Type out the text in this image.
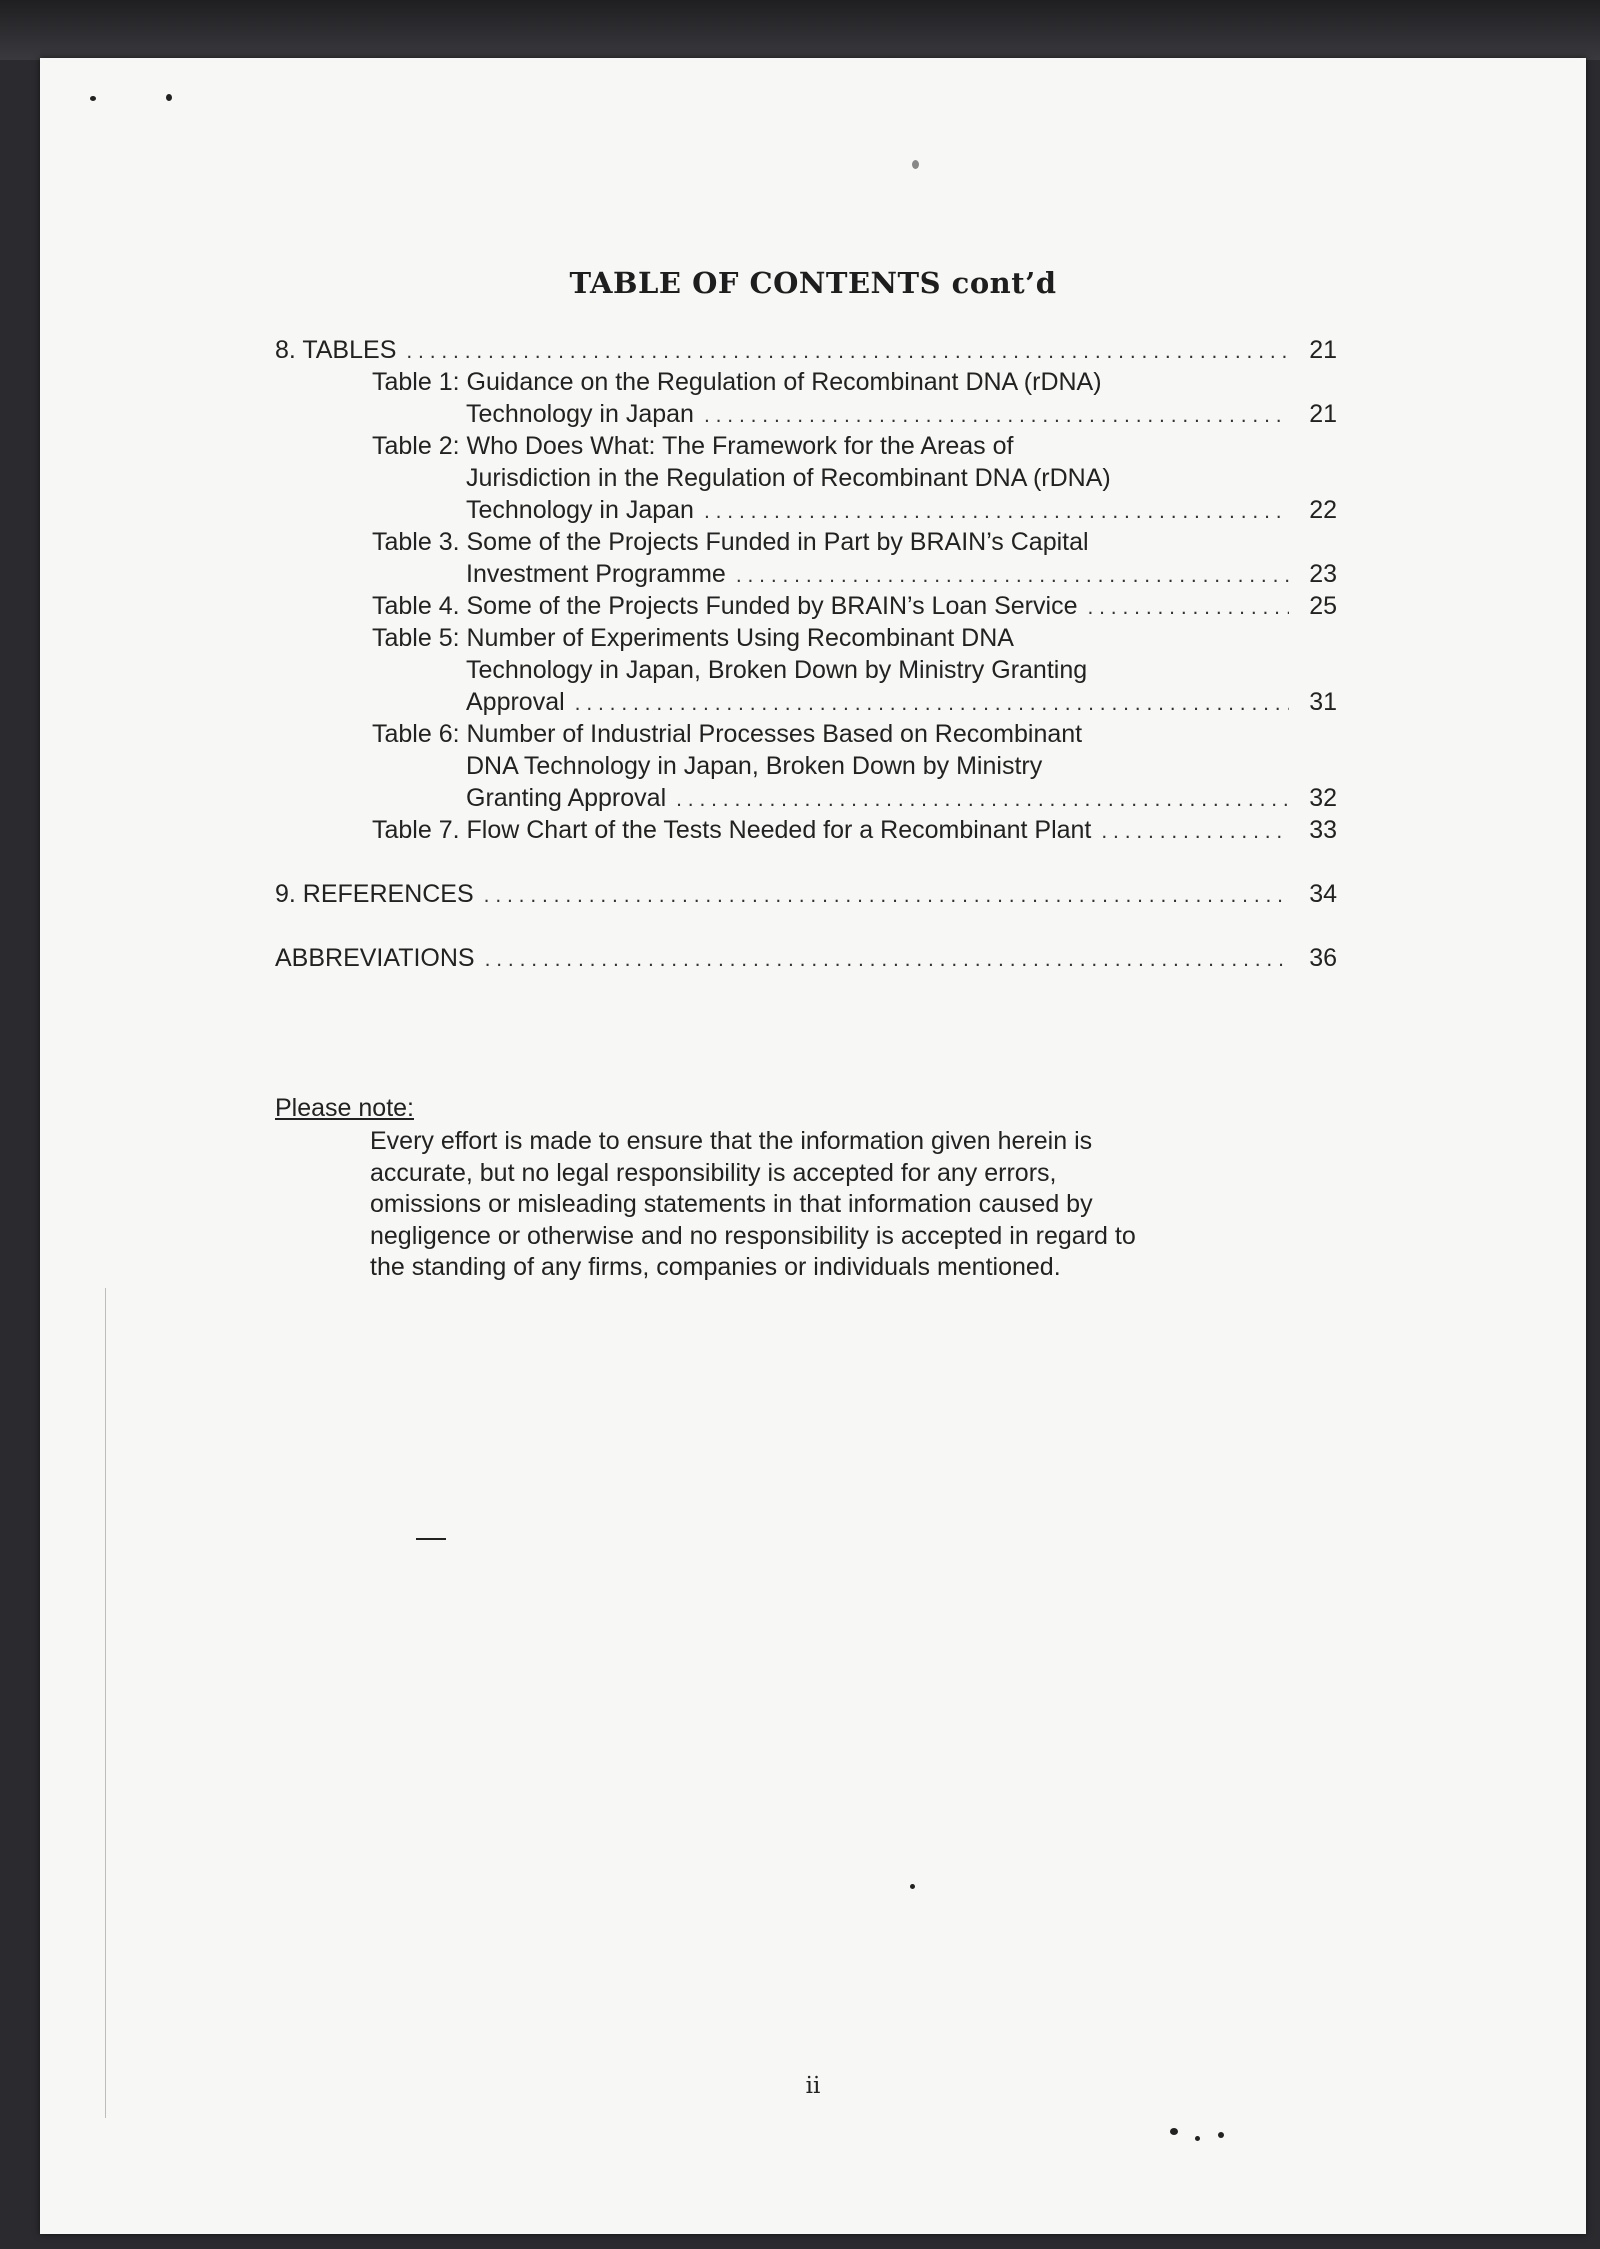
TABLE OF CONTENTS cont’d
8. TABLES . . .	21
Table 1: Guidance on the Regulation of Recombinant DNA (rDNA)
Technology in Japan . . .	21
Table 2: Who Does What: The Framework for the Areas of
Jurisdiction in the Regulation of Recombinant DNA (rDNA)
Technology in Japan . . .	22
Table 3. Some of the Projects Funded in Part by BRAIN’s Capital
Investment Programme . . .	23
Table 4. Some of the Projects Funded by BRAIN’s Loan Service . . .	25
Table 5: Number of Experiments Using Recombinant DNA
Technology in Japan, Broken Down by Ministry Granting
Approval . . .	31
Table 6: Number of Industrial Processes Based on Recombinant
DNA Technology in Japan, Broken Down by Ministry
Granting Approval . . .	32
Table 7. Flow Chart of the Tests Needed for a Recombinant Plant . . .	33
9. REFERENCES . . .	34
ABBREVIATIONS . . .	36
Please note:
Every effort is made to ensure that the information given herein is
accurate, but no legal responsibility is accepted for any errors,
omissions or misleading statements in that information caused by
negligence or otherwise and no responsibility is accepted in regard to
the standing of any firms, companies or individuals mentioned.
ii
